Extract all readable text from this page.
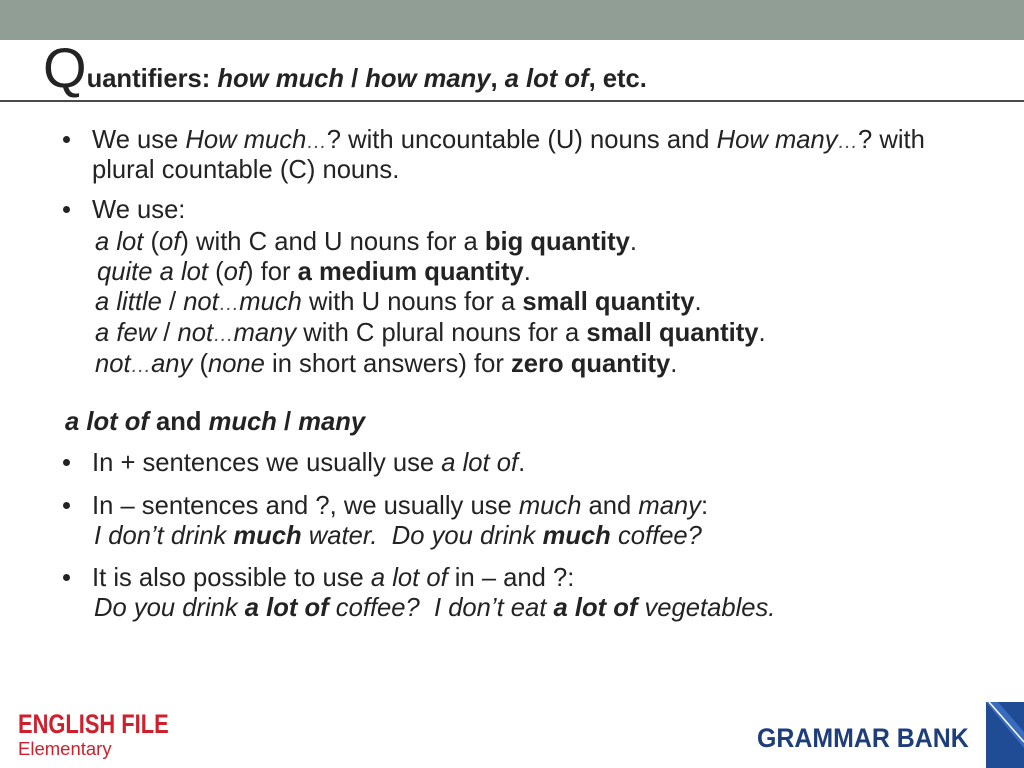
Quantifiers: how much / how many, a lot of, etc.
We use How much…? with uncountable (U) nouns and How many…? with
plural countable (C) nouns.
We use:
a lot (of) with C and U nouns for a big quantity.
quite a lot (of) for a medium quantity.
a little / not…much with U nouns for a small quantity.
a few / not…many with C plural nouns for a small quantity.
not…any (none in short answers) for zero quantity.
a lot of and much / many
In + sentences we usually use a lot of.
In – sentences and ?, we usually use much and many:
I don’t drink much water.  Do you drink much coffee?
It is also possible to use a lot of in – and ?:
Do you drink a lot of coffee?  I don’t eat a lot of vegetables.
ENGLISH FILE
Elementary	GRAMMAR BANK
